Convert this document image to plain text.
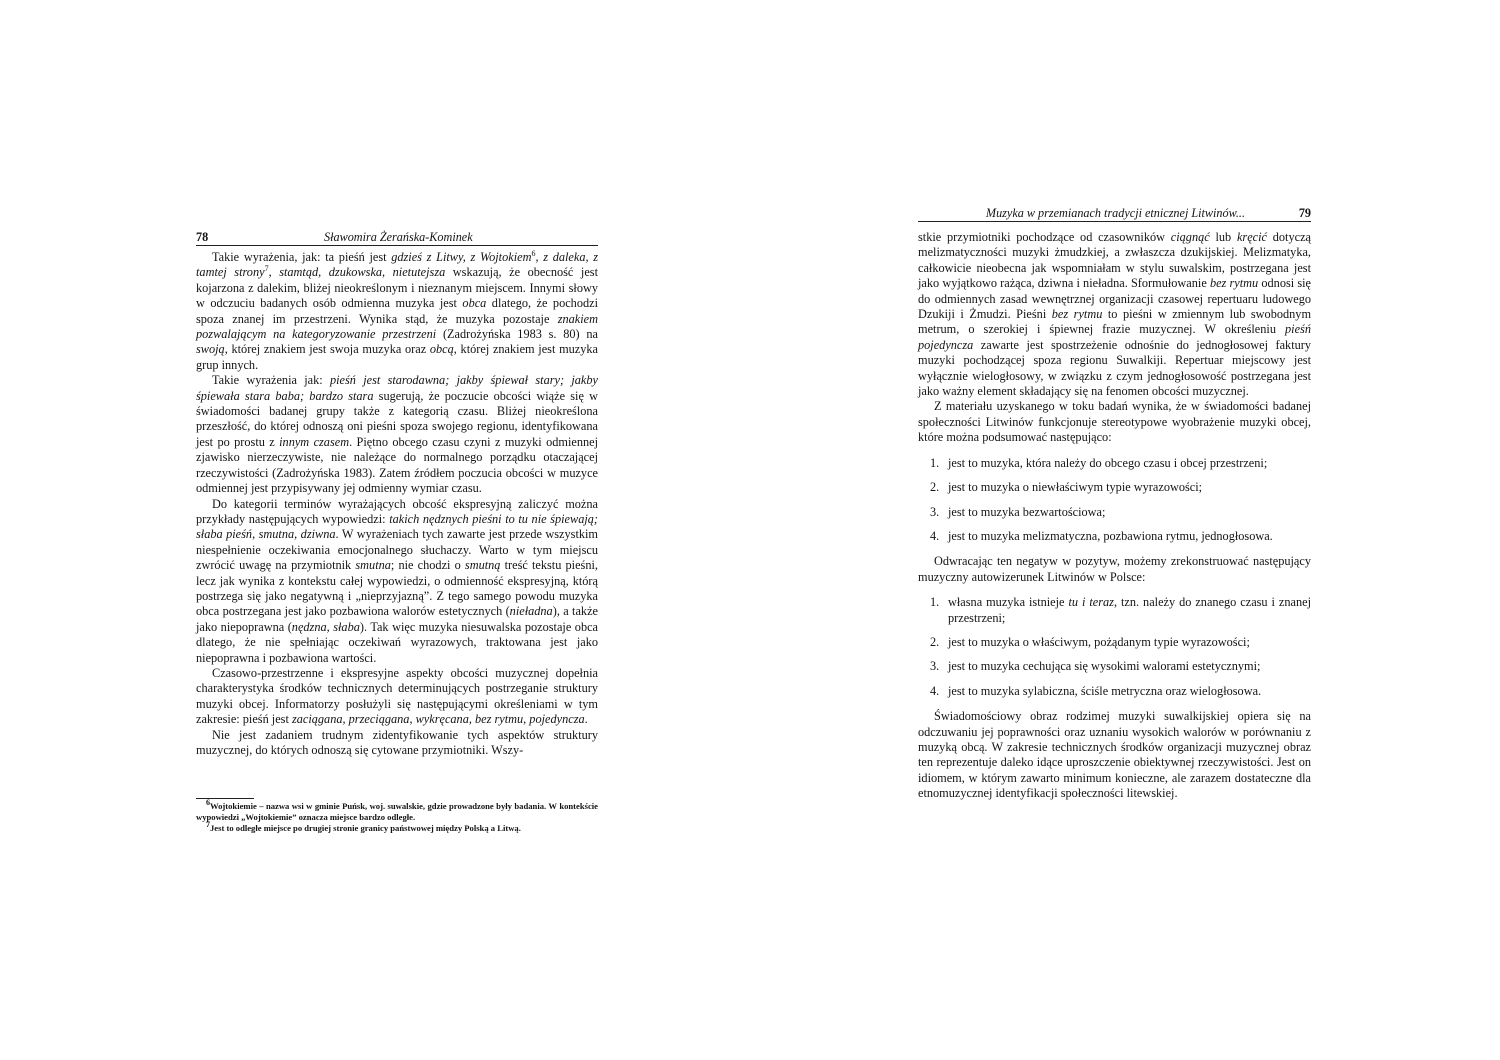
78	Sławomira Żerańska-Kominek

Takie wyrażenia, jak: ta pieśń jest gdzieś z Litwy, z Wojtokiem$^6$, z daleka, z tamtej strony$^7$, stamtąd, dzukowska, nietutejsza wskazują, że obecność jest kojarzona z dalekim, bliżej nieokreślonym i nieznanym miejscem. Innymi słowy w odczuciu badanych osób odmienna muzyka jest obca dlatego, że pochodzi spoza znanej im przestrzeni. Wynika stąd, że muzyka pozostaje znakiem pozwalającym na kategoryzowanie przestrzeni (Zadrożyńska 1983 s. 80) na swoją, której znakiem jest swoja muzyka oraz obcą, której znakiem jest muzyka grup innych.

Takie wyrażenia jak: pieśń jest starodawna; jakby śpiewał stary; jakby śpiewała stara baba; bardzo stara sugerują, że poczucie obcości wiąże się w świadomości badanej grupy także z kategorią czasu. Bliżej nieokreślona przeszłość, do której odnoszą oni pieśni spoza swojego regionu, identyfikowana jest po prostu z innym czasem. Piętno obcego czasu czyni z muzyki odmiennej zjawisko nierzeczywiste, nie należące do normalnego porządku otaczającej rzeczywistości (Zadrożyńska 1983). Zatem źródłem poczucia obcości w muzyce odmiennej jest przypisywany jej odmienny wymiar czasu.

Do kategorii terminów wyrażających obcość ekspresyjną zaliczyć można przykłady następujących wypowiedzi: takich nędznych pieśni to tu nie śpiewają; słaba pieśń, smutna, dziwna. W wyrażeniach tych zawarte jest przede wszystkim niespełnienie oczekiwania emocjonalnego słuchaczy. Warto w tym miejscu zwrócić uwagę na przymiotnik smutna; nie chodzi o smutną treść tekstu pieśni, lecz jak wynika z kontekstu całej wypowiedzi, o odmienność ekspresyjną, którą postrzega się jako negatywną i „nieprzyjazną”. Z tego samego powodu muzyka obca postrzegana jest jako pozbawiona walorów estetycznych (nieładna), a także jako niepoprawna (nędzna, słaba). Tak więc muzyka niesuwalska pozostaje obca dlatego, że nie spełniając oczekiwań wyrazowych, traktowana jest jako niepoprawna i pozbawiona wartości.

Czasowo-przestrzenne i ekspresyjne aspekty obcości muzycznej dopełnia charakterystyka środków technicznych determinujących postrzeganie struktury muzyki obcej. Informatorzy posłużyli się następującymi określeniami w tym zakresie: pieśń jest zaciągana, przeciągana, wykręcana, bez rytmu, pojedyncza.

Nie jest zadaniem trudnym zidentyfikowanie tych aspektów struktury muzycznej, do których odnoszą się cytowane przymiotniki. Wszy-

$^6$Wojtokiemie – nazwa wsi w gminie Puńsk, woj. suwalskie, gdzie prowadzone były badania. W kontekście wypowiedzi „Wojtokiemie” oznacza miejsce bardzo odległe.

$^7$Jest to odległe miejsce po drugiej stronie granicy państwowej między Polską a Litwą.

Muzyka w przemianach tradycji etnicznej Litwinów...	79

stkie przymiotniki pochodzące od czasowników ciągnąć lub kręcić dotyczą melizmatyczności muzyki żmudzkiej, a zwłaszcza dzukijskiej. Melizmatyka, całkowicie nieobecna jak wspomniałam w stylu suwalskim, postrzegana jest jako wyjątkowo rażąca, dziwna i nieładna. Sformułowanie bez rytmu odnosi się do odmiennych zasad wewnętrznej organizacji czasowej repertuaru ludowego Dzukiji i Żmudzi. Pieśni bez rytmu to pieśni w zmiennym lub swobodnym metrum, o szerokiej i śpiewnej frazie muzycznej. W określeniu pieśń pojedyncza zawarte jest spostrzeżenie odnośnie do jednogłosowej faktury muzyki pochodzącej spoza regionu Suwalkiji. Repertuar miejscowy jest wyłącznie wielogłosowy, w związku z czym jednogłosowość postrzegana jest jako ważny element składający się na fenomen obcości muzycznej.

Z materiału uzyskanego w toku badań wynika, że w świadomości badanej społeczności Litwinów funkcjonuje stereotypowe wyobrażenie muzyki obcej, które można podsumować następująco:

1. jest to muzyka, która należy do obcego czasu i obcej przestrzeni;
2. jest to muzyka o niewłaściwym typie wyrazowości;
3. jest to muzyka bezwartościowa;
4. jest to muzyka melizmatyczna, pozbawiona rytmu, jednogłosowa.

Odwracając ten negatyw w pozytyw, możemy zrekonstruować następujący muzyczny autowizerunek Litwinów w Polsce:

1. własna muzyka istnieje tu i teraz, tzn. należy do znanego czasu i znanej przestrzeni;
2. jest to muzyka o właściwym, pożądanym typie wyrazowości;
3. jest to muzyka cechująca się wysokimi walorami estetycznymi;
4. jest to muzyka sylabiczna, ściśle metryczna oraz wielogłosowa.

Świadomościowy obraz rodzimej muzyki suwalkijskiej opiera się na odczuwaniu jej poprawności oraz uznaniu wysokich walorów w porównaniu z muzyką obcą. W zakresie technicznych środków organizacji muzycznej obraz ten reprezentuje daleko idące uproszczenie obiektywnej rzeczywistości. Jest on idiomem, w którym zawarto minimum konieczne, ale zarazem dostateczne dla etnomuzycznej identyfikacji społeczności litewskiej.
